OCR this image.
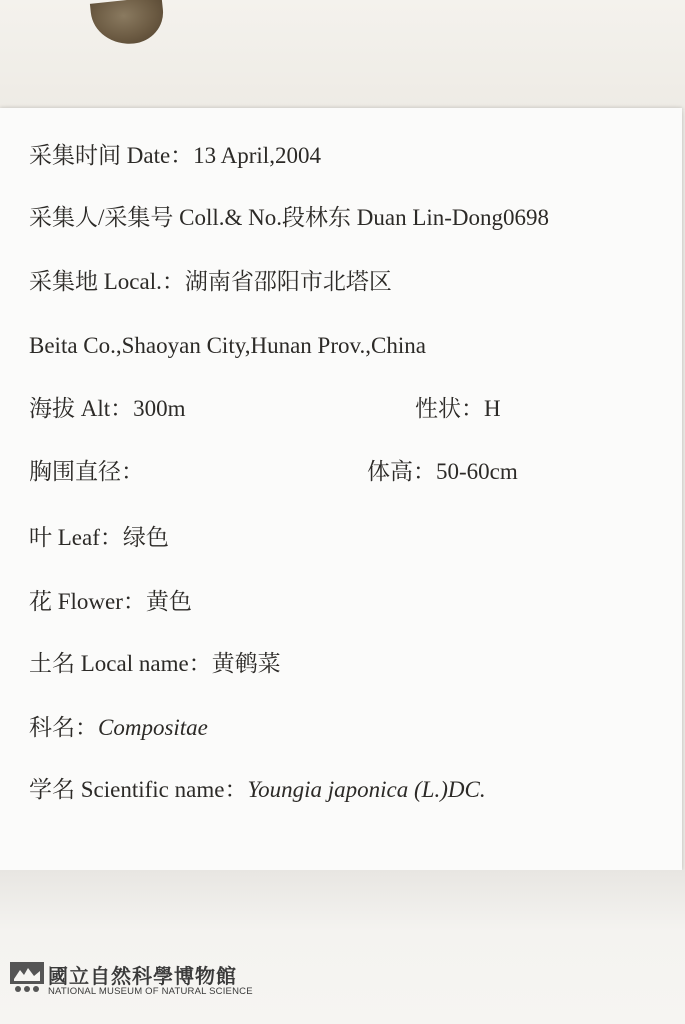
采集时间 Date：13 April,2004
采集人/采集号 Coll.& No.段林东 Duan Lin-Dong0698
采集地 Local.：湖南省邵阳市北塔区
Beita Co.,Shaoyan City,Hunan Prov.,China
海拔 Alt：300m	性状：H
胸围直径：	体高：50-60cm
叶 Leaf：绿色
花 Flower：黄色
土名 Local name：黄鹌菜
科名：Compositae
学名 Scientific name：Youngia japonica (L.)DC.
國立自然科學博物館
NATIONAL MUSEUM OF NATURAL SCIENCE
